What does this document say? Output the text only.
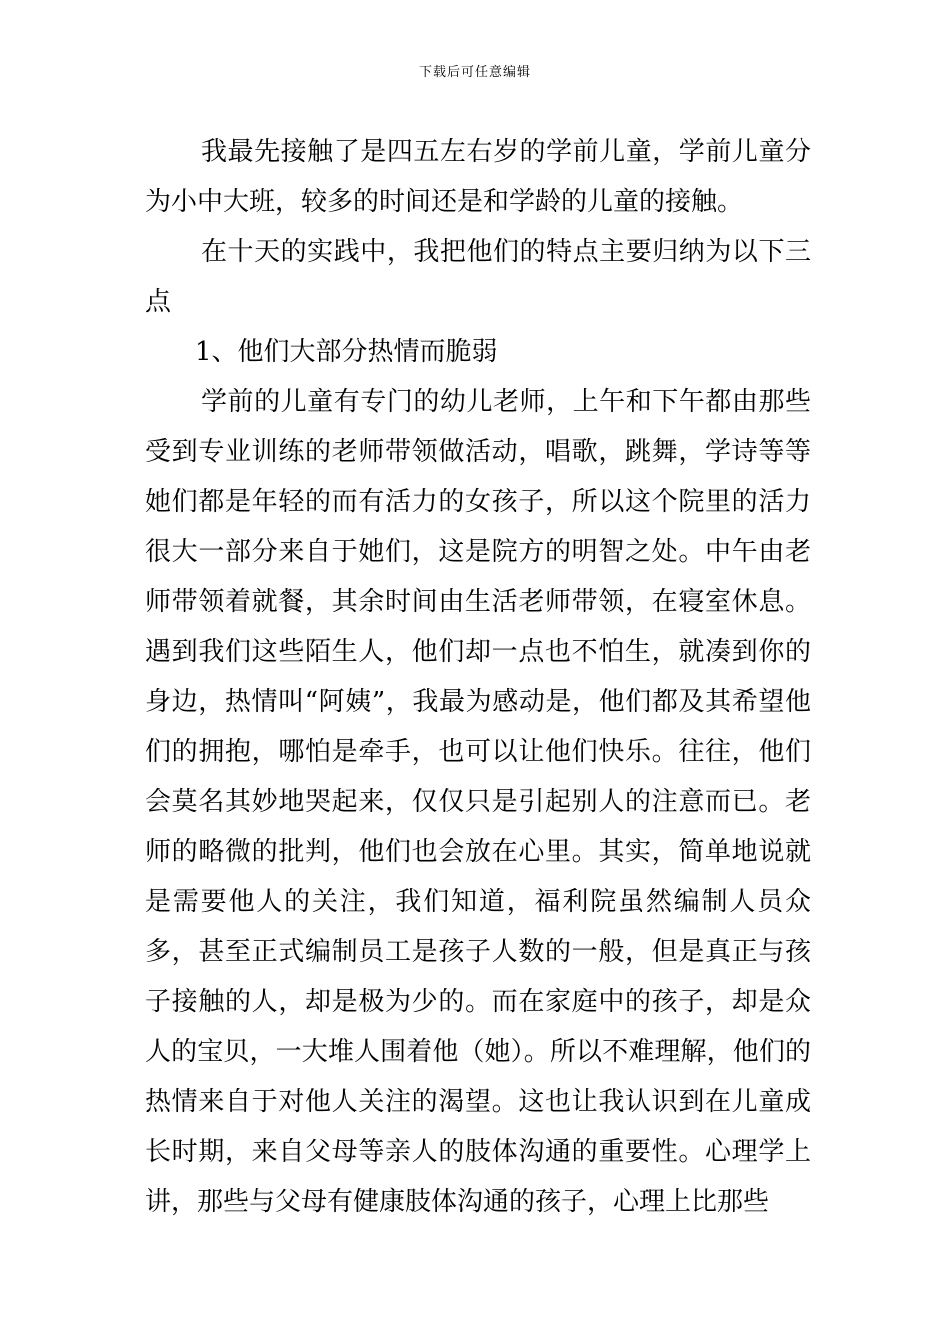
下载后可任意编辑

我最先接触了是四五左右岁的学前儿童，学前儿童分为小中大班，较多的时间还是和学龄的儿童的接触。

在十天的实践中，我把他们的特点主要归纳为以下三点

1、他们大部分热情而脆弱

学前的儿童有专门的幼儿老师，上午和下午都由那些受到专业训练的老师带领做活动，唱歌，跳舞，学诗等等她们都是年轻的而有活力的女孩子，所以这个院里的活力很大一部分来自于她们，这是院方的明智之处。中午由老师带领着就餐，其余时间由生活老师带领，在寝室休息。遇到我们这些陌生人，他们却一点也不怕生，就凑到你的身边，热情叫“阿姨”，我最为感动是，他们都及其希望他们的拥抱，哪怕是牵手，也可以让他们快乐。往往，他们会莫名其妙地哭起来，仅仅只是引起别人的注意而已。老师的略微的批判，他们也会放在心里。其实，简单地说就是需要他人的关注，我们知道，福利院虽然编制人员众多，甚至正式编制员工是孩子人数的一般，但是真正与孩子接触的人，却是极为少的。而在家庭中的孩子，却是众人的宝贝，一大堆人围着他（她）。所以不难理解，他们的热情来自于对他人关注的渴望。这也让我认识到在儿童成长时期，来自父母等亲人的肢体沟通的重要性。心理学上讲，那些与父母有健康肢体沟通的孩子，心理上比那些
